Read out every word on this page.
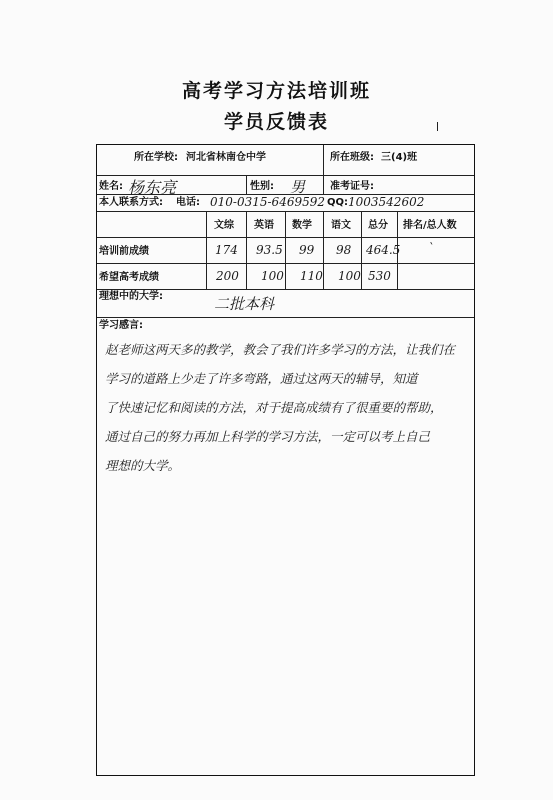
高考学习方法培训班
学员反馈表
所在学校: 河北省林南仓中学	所在班级: 三(4)班
姓名: 杨东亮	性别: 男 准考证号:
本人联系方式: 电话: 010-0315-6469592 QQ: 1003542602
文综 英语 数学 语文 总分 排名/总人数
培训前成绩	174 93.5 99 98 464.5 `
希望高考成绩	200 100 110 100 530
理想中的大学:	二批本科
学习感言:
赵老师这两天多的教学，教会了我们许多学习的方法，让我们在
学习的道路上少走了许多弯路，通过这两天的辅导，知道
了快速记忆和阅读的方法，对于提高成绩有了很重要的帮助，
通过自己的努力再加上科学的学习方法，一定可以考上自己
理想的大学。
